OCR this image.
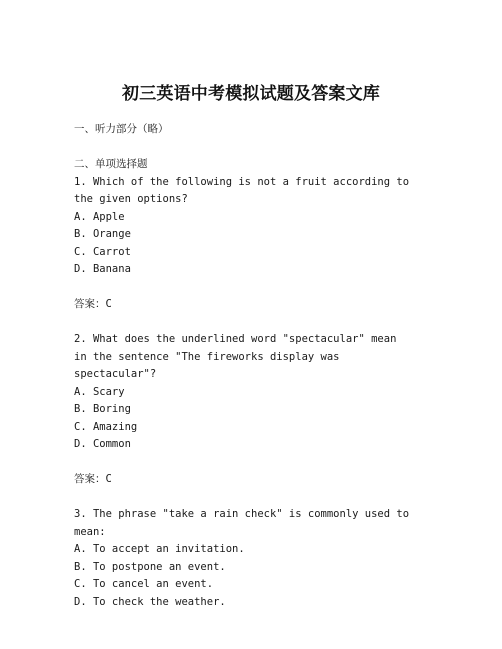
初三英语中考模拟试题及答案文库
一、听力部分（略）
二、单项选择题
1. Which of the following is not a fruit according to the given options?
A. Apple
B. Orange
C. Carrot
D. Banana
答案：C
2. What does the underlined word "spectacular" mean in the sentence "The fireworks display was spectacular"?
A. Scary
B. Boring
C. Amazing
D. Common
答案：C
3. The phrase "take a rain check" is commonly used to mean:
A. To accept an invitation.
B. To postpone an event.
C. To cancel an event.
D. To check the weather.
